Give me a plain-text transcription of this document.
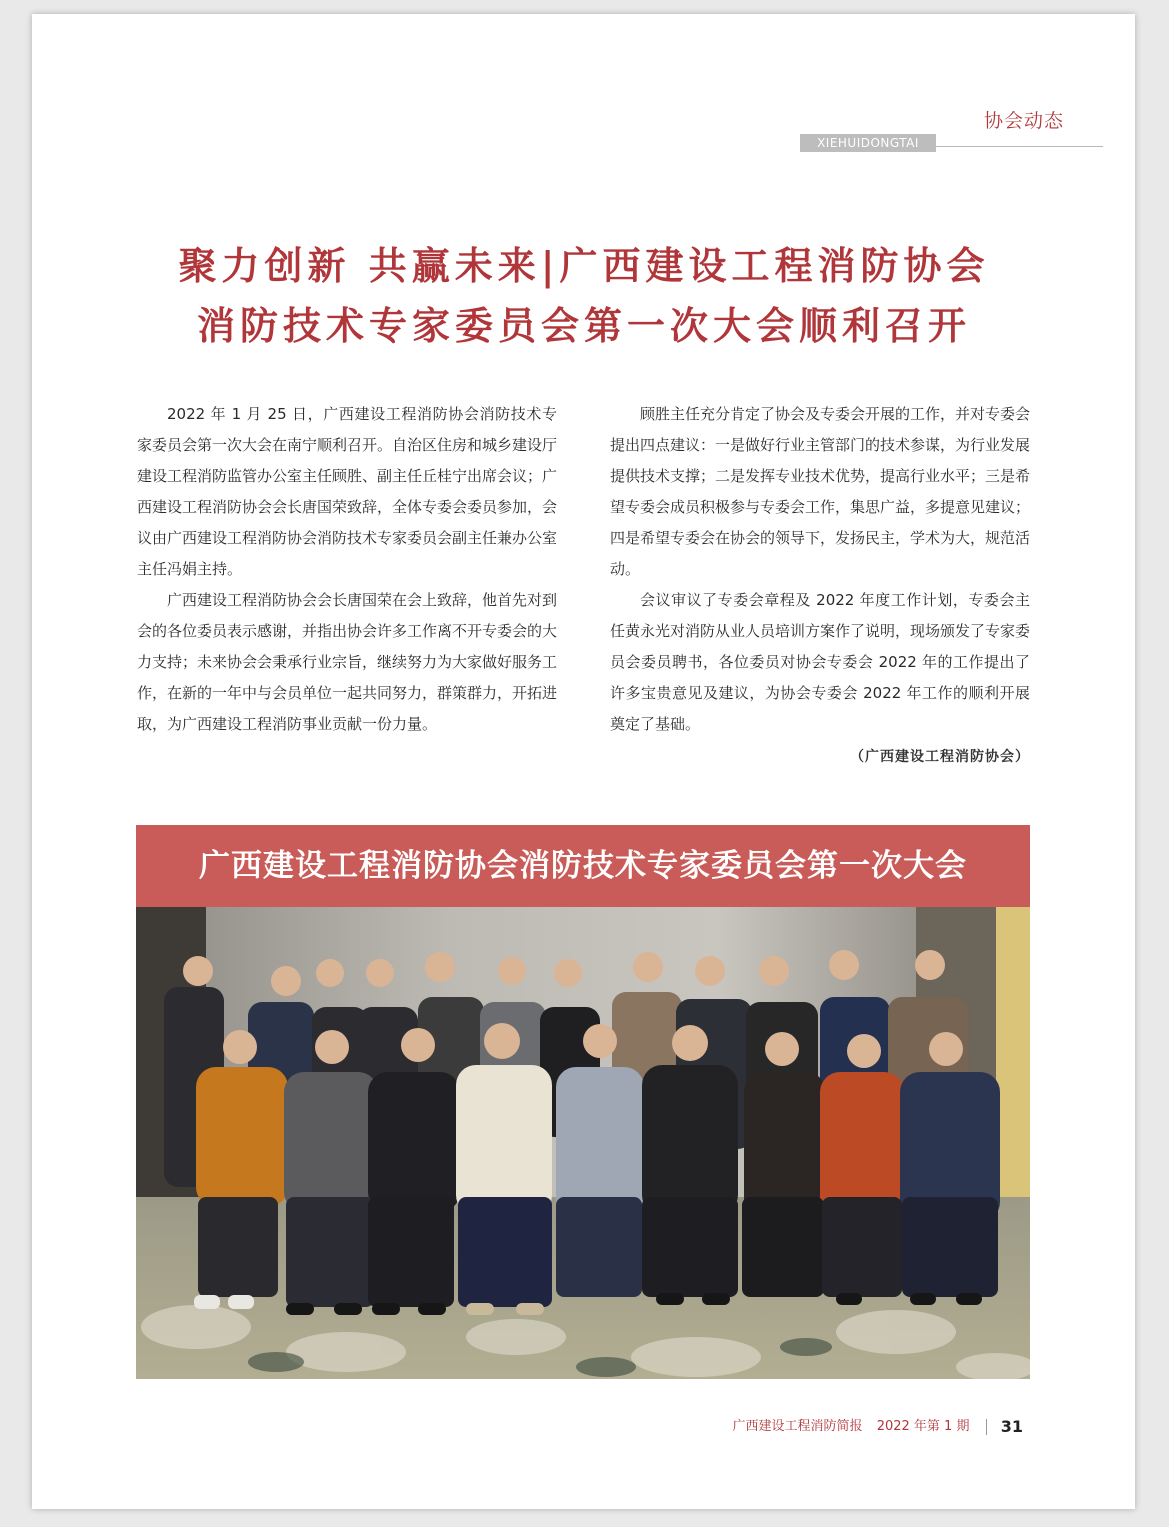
协会动态
XIEHUIDONGTAI
聚力创新 共赢未来|广西建设工程消防协会
消防技术专家委员会第一次大会顺利召开

2022 年 1 月 25 日，广西建设工程消防协会消防技术专家委员会第一次大会在南宁顺利召开。自治区住房和城乡建设厅建设工程消防监管办公室主任顾胜、副主任丘桂宁出席会议；广西建设工程消防协会会长唐国荣致辞，全体专委会委员参加，会议由广西建设工程消防协会消防技术专家委员会副主任兼办公室主任冯娟主持。

广西建设工程消防协会会长唐国荣在会上致辞，他首先对到会的各位委员表示感谢，并指出协会许多工作离不开专委会的大力支持；未来协会会秉承行业宗旨，继续努力为大家做好服务工作，在新的一年中与会员单位一起共同努力，群策群力，开拓进取，为广西建设工程消防事业贡献一份力量。

顾胜主任充分肯定了协会及专委会开展的工作，并对专委会提出四点建议：一是做好行业主管部门的技术参谋，为行业发展提供技术支撑；二是发挥专业技术优势，提高行业水平；三是希望专委会成员积极参与专委会工作，集思广益，多提意见建议；四是希望专委会在协会的领导下，发扬民主，学术为大，规范活动。

会议审议了专委会章程及 2022 年度工作计划，专委会主任黄永光对消防从业人员培训方案作了说明，现场颁发了专家委员会委员聘书，各位委员对协会专委会 2022 年的工作提出了许多宝贵意见及建议，为协会专委会 2022 年工作的顺利开展奠定了基础。

（广西建设工程消防协会）
广西建设工程消防协会消防技术专家委员会第一次大会
广西建设工程消防简报 2022 年第 1 期 31
